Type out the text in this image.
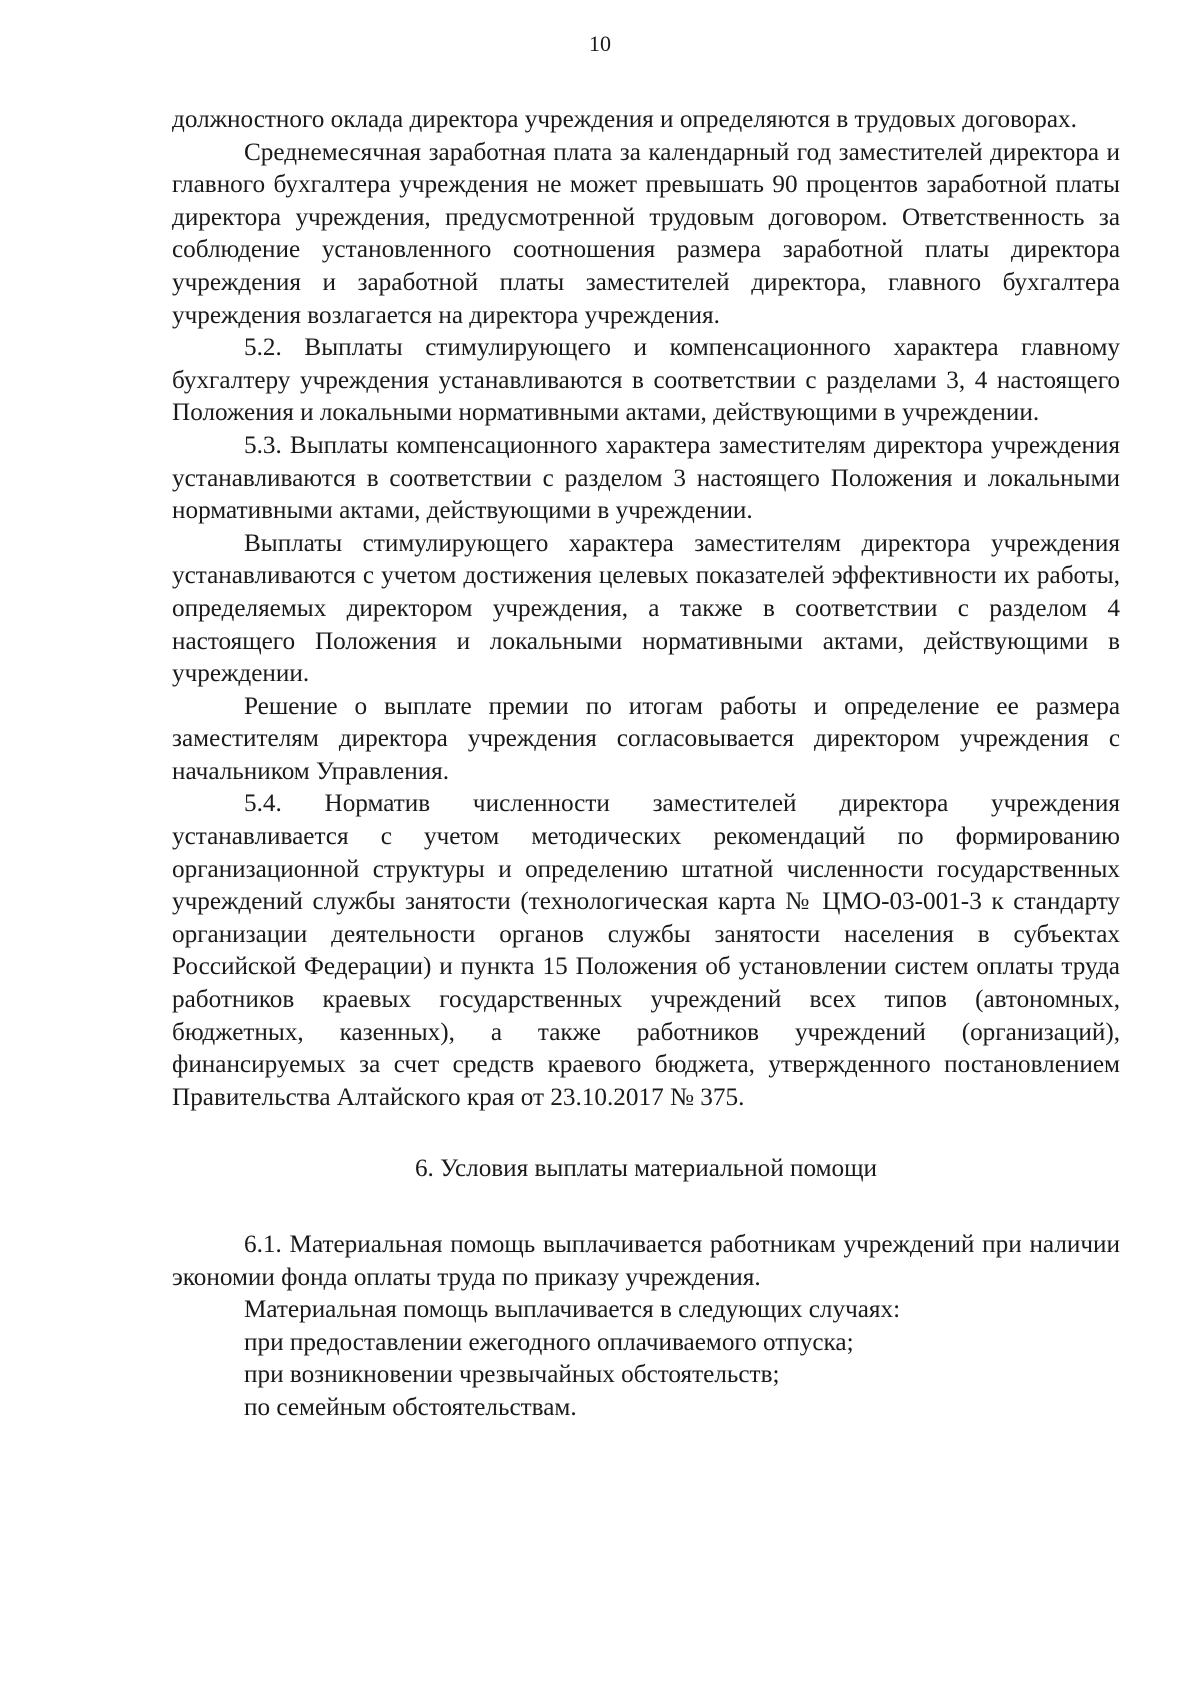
10

должностного оклада директора учреждения и определяются в трудовых договорах.

Среднемесячная заработная плата за календарный год заместителей директора и главного бухгалтера учреждения не может превышать 90 процентов заработной платы директора учреждения, предусмотренной трудовым договором. Ответственность за соблюдение установленного соотношения размера заработной платы директора учреждения и заработной платы заместителей директора, главного бухгалтера учреждения возлагается на директора учреждения.

5.2. Выплаты стимулирующего и компенсационного характера главному бухгалтеру учреждения устанавливаются в соответствии с разделами 3, 4 настоящего Положения и локальными нормативными актами, действующими в учреждении.

5.3. Выплаты компенсационного характера заместителям директора учреждения устанавливаются в соответствии с разделом 3 настоящего Положения и локальными нормативными актами, действующими в учреждении.

Выплаты стимулирующего характера заместителям директора учреждения устанавливаются с учетом достижения целевых показателей эффективности их работы, определяемых директором учреждения, а также в соответствии с разделом 4 настоящего Положения и локальными нормативными актами, действующими в учреждении.

Решение о выплате премии по итогам работы и определение ее размера заместителям директора учреждения согласовывается директором учреждения с начальником Управления.

5.4. Норматив численности заместителей директора учреждения устанавливается с учетом методических рекомендаций по формированию организационной структуры и определению штатной численности государственных учреждений службы занятости (технологическая карта № ЦМО-03-001-3 к стандарту организации деятельности органов службы занятости населения в субъектах Российской Федерации) и пункта 15 Положения об установлении систем оплаты труда работников краевых государственных учреждений всех типов (автономных, бюджетных, казенных), а также работников учреждений (организаций), финансируемых за счет средств краевого бюджета, утвержденного постановлением Правительства Алтайского края от 23.10.2017 № 375.

6. Условия выплаты материальной помощи

6.1. Материальная помощь выплачивается работникам учреждений при наличии экономии фонда оплаты труда по приказу учреждения.

Материальная помощь выплачивается в следующих случаях:

при предоставлении ежегодного оплачиваемого отпуска;

при возникновении чрезвычайных обстоятельств;

по семейным обстоятельствам.
